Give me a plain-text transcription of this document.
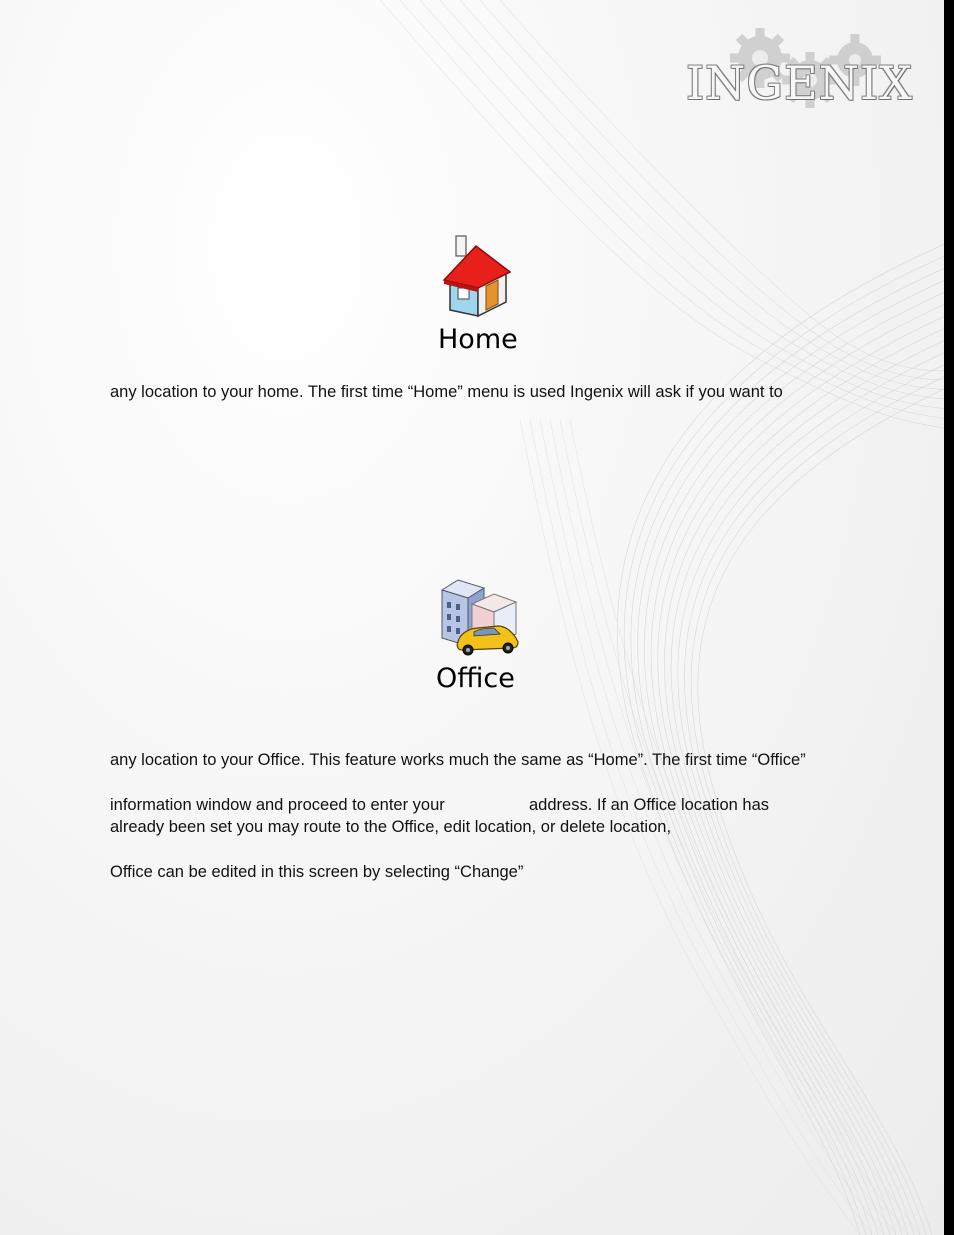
INGENIX
Home
any location to your home. The first time “Home” menu is used Ingenix will ask if you want to
Office
any location to your Office. This feature works much the same as “Home”. The first time “Office”
information window and proceed to enter your	address. If an Office location has
already been set you may route to the Office, edit location, or delete location,
Office can be edited in this screen by selecting “Change”
